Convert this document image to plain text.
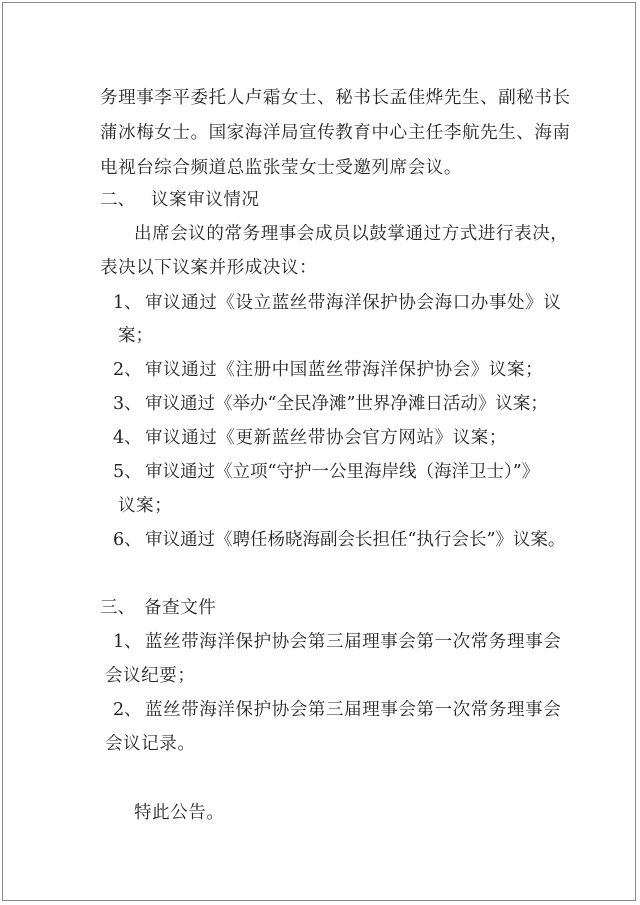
务理事李平委托人卢霜女士、秘书长孟佳烨先生、副秘书长
蒲冰梅女士。国家海洋局宣传教育中心主任李航先生、海南
电视台综合频道总监张莹女士受邀列席会议。
二、 议案审议情况
出席会议的常务理事会成员以鼓掌通过方式进行表决，
表决以下议案并形成决议：
1、 审议通过《设立蓝丝带海洋保护协会海口办事处》议
案；
2、 审议通过《注册中国蓝丝带海洋保护协会》议案；
3、 审议通过《举办“全民净滩”世界净滩日活动》议案；
4、 审议通过《更新蓝丝带协会官方网站》议案；
5、 审议通过《立项“守护一公里海岸线（海洋卫士）”》
议案；
6、 审议通过《聘任杨晓海副会长担任“执行会长”》议案。
三、 备查文件
1、 蓝丝带海洋保护协会第三届理事会第一次常务理事会
会议纪要；
2、 蓝丝带海洋保护协会第三届理事会第一次常务理事会
会议记录。
特此公告。
